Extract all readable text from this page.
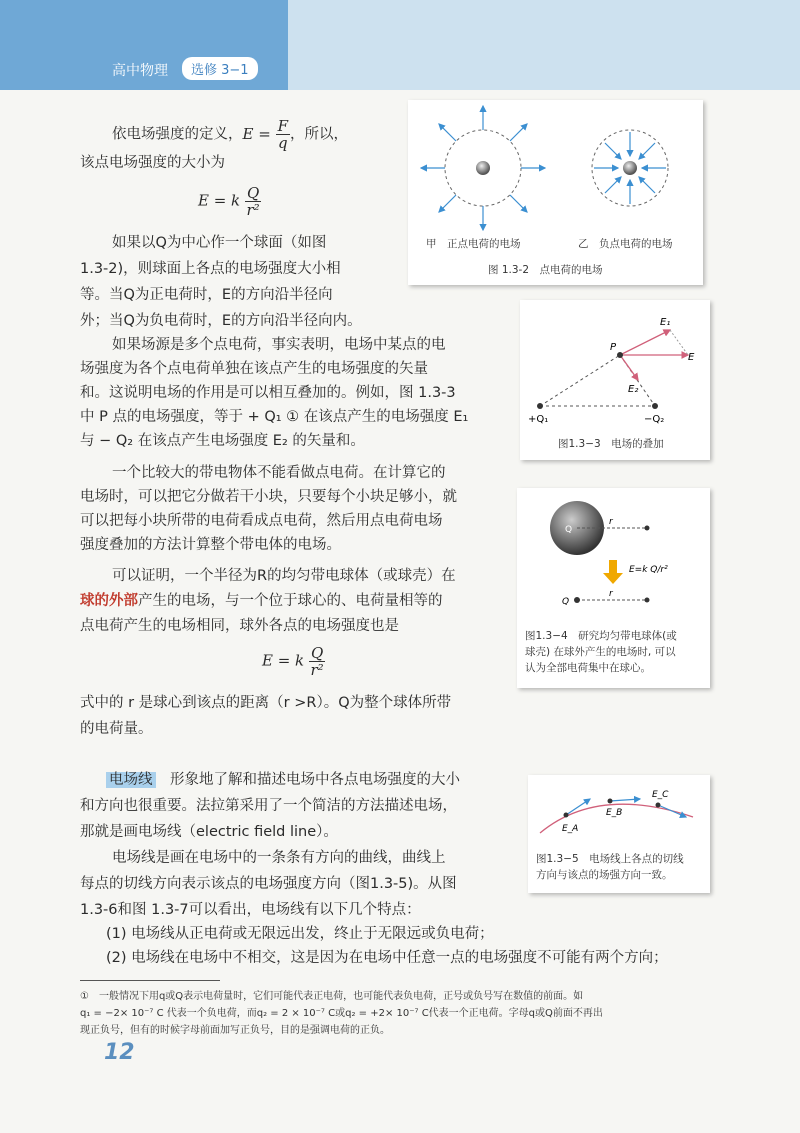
高中物理	选修 3−1
依电场强度的定义，$E = \frac{F}{q}$ ，所以，
该点电场强度的大小为
E = k $\frac{Q}{\text{r²}}$
如果以Q为中心作一个球面（如图
1.3-2)，则球面上各点的电场强度大小相
等。当Q为正电荷时，E的方向沿半径向
外；当Q为负电荷时，E的方向沿半径向内。
如果场源是多个点电荷，事实表明，电场中某点的电
场强度为各个点电荷单独在该点产生的电场强度的矢量
和。这说明电场的作用是可以相互叠加的。例如，图 1.3-3
中 P 点的电场强度，等于 + Q₁ ① 在该点产生的电场强度 E₁
与 − Q₂ 在该点产生电场强度 E₂ 的矢量和。
一个比较大的带电物体不能看做点电荷。在计算它的
电场时，可以把它分做若干小块，只要每个小块足够小，就
可以把每小块所带的电荷看成点电荷，然后用点电荷电场
强度叠加的方法计算整个带电体的电场。
可以证明，一个半径为R的均匀带电球体（或球壳）在
球的外部产生的电场，与一个位于球心的、电荷量相等的
点电荷产生的电场相同，球外各点的电场强度也是
E = k $\frac{Q}{\text{r²}}$
式中的 r 是球心到该点的距离（r >R）。Q为整个球体所带
的电荷量。
电场线　 形象地了解和描述电场中各点电场强度的大小
和方向也很重要。法拉第采用了一个简洁的方法描述电场，
那就是画电场线（electric field line）。
电场线是画在电场中的一条条有方向的曲线，曲线上
每点的切线方向表示该点的电场强度方向（图1.3-5)。从图
1.3-6和图 1.3-7可以看出，电场线有以下几个特点：
(1) 电场线从正电荷或无限远出发，终止于无限远或负电荷；
(2) 电场线在电场中不相交，这是因为在电场中任意一点的电场强度不可能有两个方向；
甲　正点电荷的电场	乙　负点电荷的电场
图 1.3-2　点电荷的电场
P
E
E₁
E₂
+Q₁	−Q₂
图1.3−3　电场的叠加
r
Q
E=k Q/r²
Q
r
图1.3−4　研究均匀带电球体(或
球壳) 在球外产生的电场时, 可以
认为全部电荷集中在球心。
E_A
E_B
E_C
图1.3−5　电场线上各点的切线
方向与该点的场强方向一致。
①　一般情况下用q或Q表示电荷量时，它们可能代表正电荷，也可能代表负电荷，正号或负号写在数值的前面。如
q₁ = −2× 10⁻⁷ C 代表一个负电荷，而q₂ = 2 × 10⁻⁷ C或q₂ = +2× 10⁻⁷ C代表一个正电荷。字母q或Q前面不再出
现正负号，但有的时候字母前面加写正负号，目的是强调电荷的正负。
12
